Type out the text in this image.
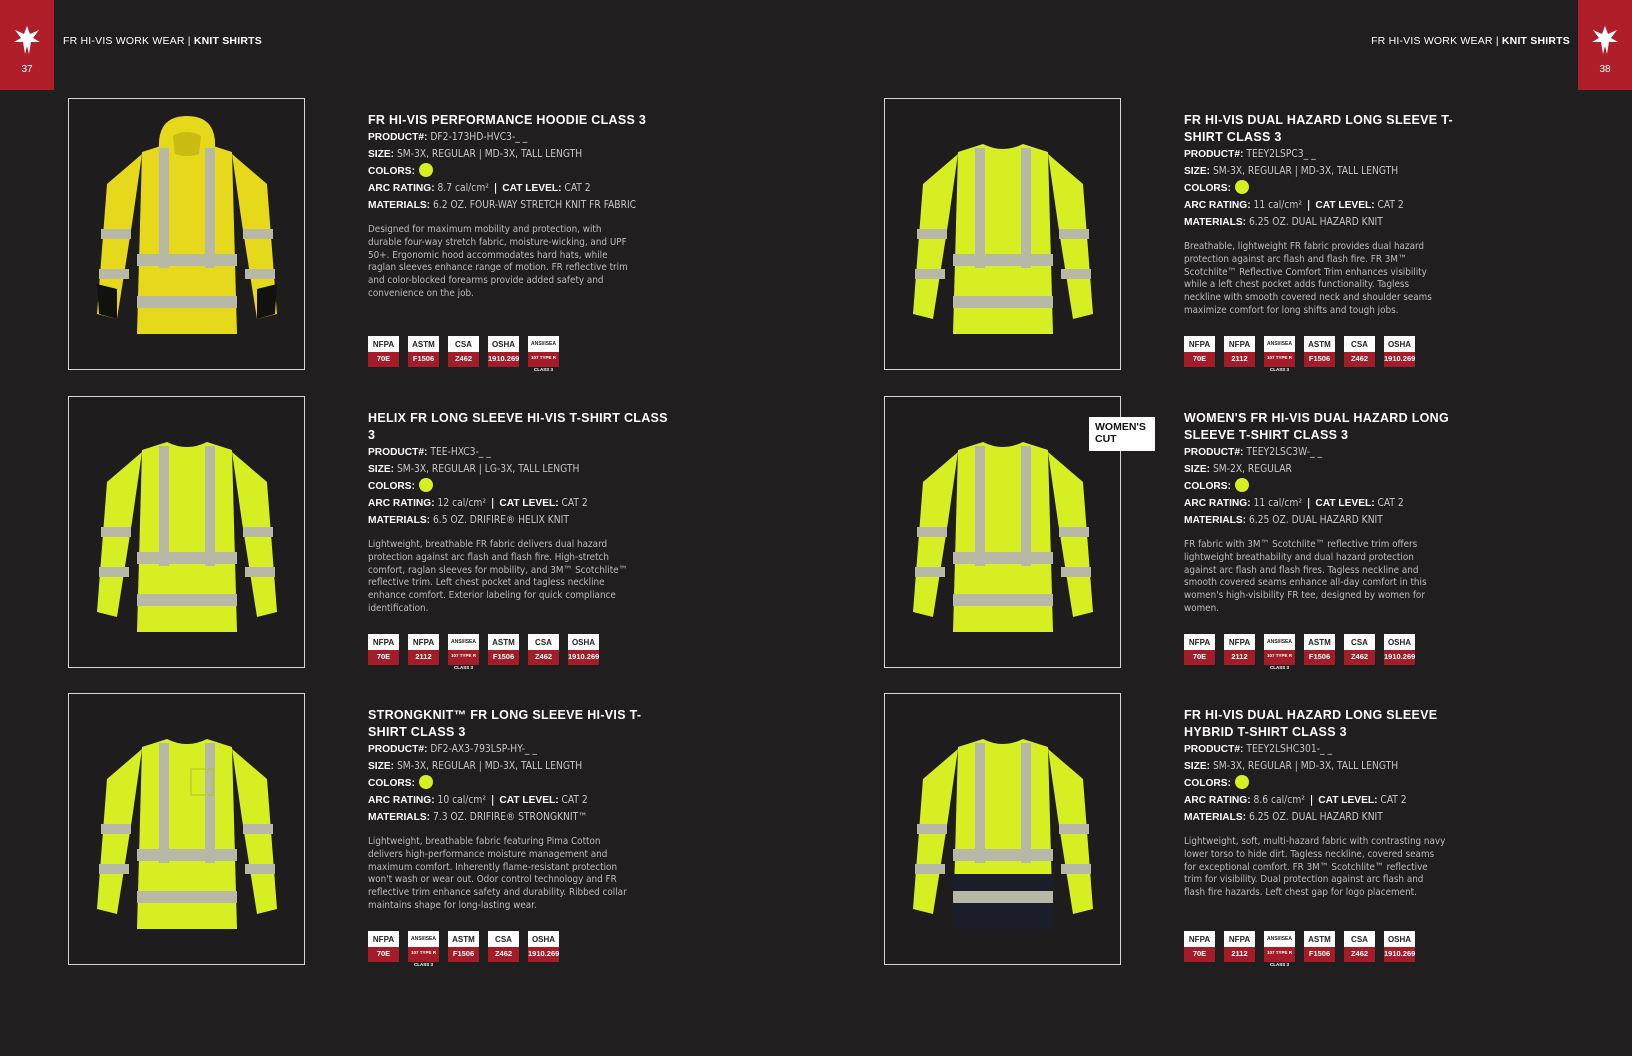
37	38
FR HI-VIS WORK WEAR | KNIT SHIRTS	FR HI-VIS WORK WEAR | KNIT SHIRTS
FR HI-VIS PERFORMANCE HOODIE CLASS 3
PRODUCT#: DF2-173HD-HVC3-_ _
SIZE: SM-3X, REGULAR | MD-3X, TALL LENGTH
COLORS:
ARC RATING: 8.7 cal/cm² | CAT LEVEL: CAT 2
MATERIALS: 6.2 OZ. FOUR-WAY STRETCH KNIT FR FABRIC
Designed for maximum mobility and protection, with durable four-way stretch fabric, moisture-wicking, and UPF 50+. Ergonomic hood accommodates hard hats, while raglan sleeves enhance range of motion. FR reflective trim and color-blocked forearms provide added safety and convenience on the job.
NFPA
70E
ASTM
F1506
CSA
Z462
OSHA
1910.269
ANSI/ISEA
107 TYPE R CLASS 3
HELIX FR LONG SLEEVE HI-VIS T-SHIRT CLASS 3
PRODUCT#: TEE-HXC3-_ _
SIZE: SM-3X, REGULAR | LG-3X, TALL LENGTH
COLORS:
ARC RATING: 12 cal/cm² | CAT LEVEL: CAT 2
MATERIALS: 6.5 OZ. DRIFIRE® HELIX KNIT
Lightweight, breathable FR fabric delivers dual hazard protection against arc flash and flash fire. High-stretch comfort, raglan sleeves for mobility, and 3M™ Scotchlite™ reflective trim. Left chest pocket and tagless neckline enhance comfort. Exterior labeling for quick compliance identification.
NFPA
70E
NFPA
2112
ANSI/ISEA
107 TYPE R CLASS 3
ASTM
F1506
CSA
Z462
OSHA
1910.269
STRONGKNIT™ FR LONG SLEEVE HI-VIS T-SHIRT CLASS 3
PRODUCT#: DF2-AX3-793LSP-HY-_ _
SIZE: SM-3X, REGULAR | MD-3X, TALL LENGTH
COLORS:
ARC RATING: 10 cal/cm² | CAT LEVEL: CAT 2
MATERIALS: 7.3 OZ. DRIFIRE® STRONGKNIT™
Lightweight, breathable fabric featuring Pima Cotton delivers high-performance moisture management and maximum comfort. Inherently flame-resistant protection won't wash or wear out. Odor control technology and FR reflective trim enhance safety and durability. Ribbed collar maintains shape for long-lasting wear.
NFPA
70E
ANSI/ISEA
107 TYPE R CLASS 3
ASTM
F1506
CSA
Z462
OSHA
1910.269
FR HI-VIS DUAL HAZARD LONG SLEEVE T-SHIRT CLASS 3
PRODUCT#: TEEY2LSPC3_ _
SIZE: SM-3X, REGULAR | MD-3X, TALL LENGTH
COLORS:
ARC RATING: 11 cal/cm² | CAT LEVEL: CAT 2
MATERIALS: 6.25 OZ. DUAL HAZARD KNIT
Breathable, lightweight FR fabric provides dual hazard protection against arc flash and flash fire. FR 3M™ Scotchlite™ Reflective Comfort Trim enhances visibility while a left chest pocket adds functionality. Tagless neckline with smooth covered neck and shoulder seams maximize comfort for long shifts and tough jobs.
NFPA
70E
NFPA
2112
ANSI/ISEA
107 TYPE R CLASS 3
ASTM
F1506
CSA
Z462
OSHA
1910.269
WOMEN'S CUT
WOMEN'S FR HI-VIS DUAL HAZARD LONG SLEEVE T-SHIRT CLASS 3
PRODUCT#: TEEY2LSC3W-_ _
SIZE: SM-2X, REGULAR
COLORS:
ARC RATING: 11 cal/cm² | CAT LEVEL: CAT 2
MATERIALS: 6.25 OZ. DUAL HAZARD KNIT
FR fabric with 3M™ Scotchlite™ reflective trim offers lightweight breathability and dual hazard protection against arc flash and flash fires. Tagless neckline and smooth covered seams enhance all-day comfort in this women's high-visibility FR tee, designed by women for women.
NFPA
70E
NFPA
2112
ANSI/ISEA
107 TYPE R CLASS 3
ASTM
F1506
CSA
Z462
OSHA
1910.269
FR HI-VIS DUAL HAZARD LONG SLEEVE HYBRID T-SHIRT CLASS 3
PRODUCT#: TEEY2LSHC301-_ _
SIZE: SM-3X, REGULAR | MD-3X, TALL LENGTH
COLORS:
ARC RATING: 8.6 cal/cm² | CAT LEVEL: CAT 2
MATERIALS: 6.25 OZ. DUAL HAZARD KNIT
Lightweight, soft, multi-hazard fabric with contrasting navy lower torso to hide dirt. Tagless neckline, covered seams for exceptional comfort. FR 3M™ Scotchlite™ reflective trim for visibility. Dual protection against arc flash and flash fire hazards. Left chest gap for logo placement.
NFPA
70E
NFPA
2112
ANSI/ISEA
107 TYPE R CLASS 3
ASTM
F1506
CSA
Z462
OSHA
1910.269
